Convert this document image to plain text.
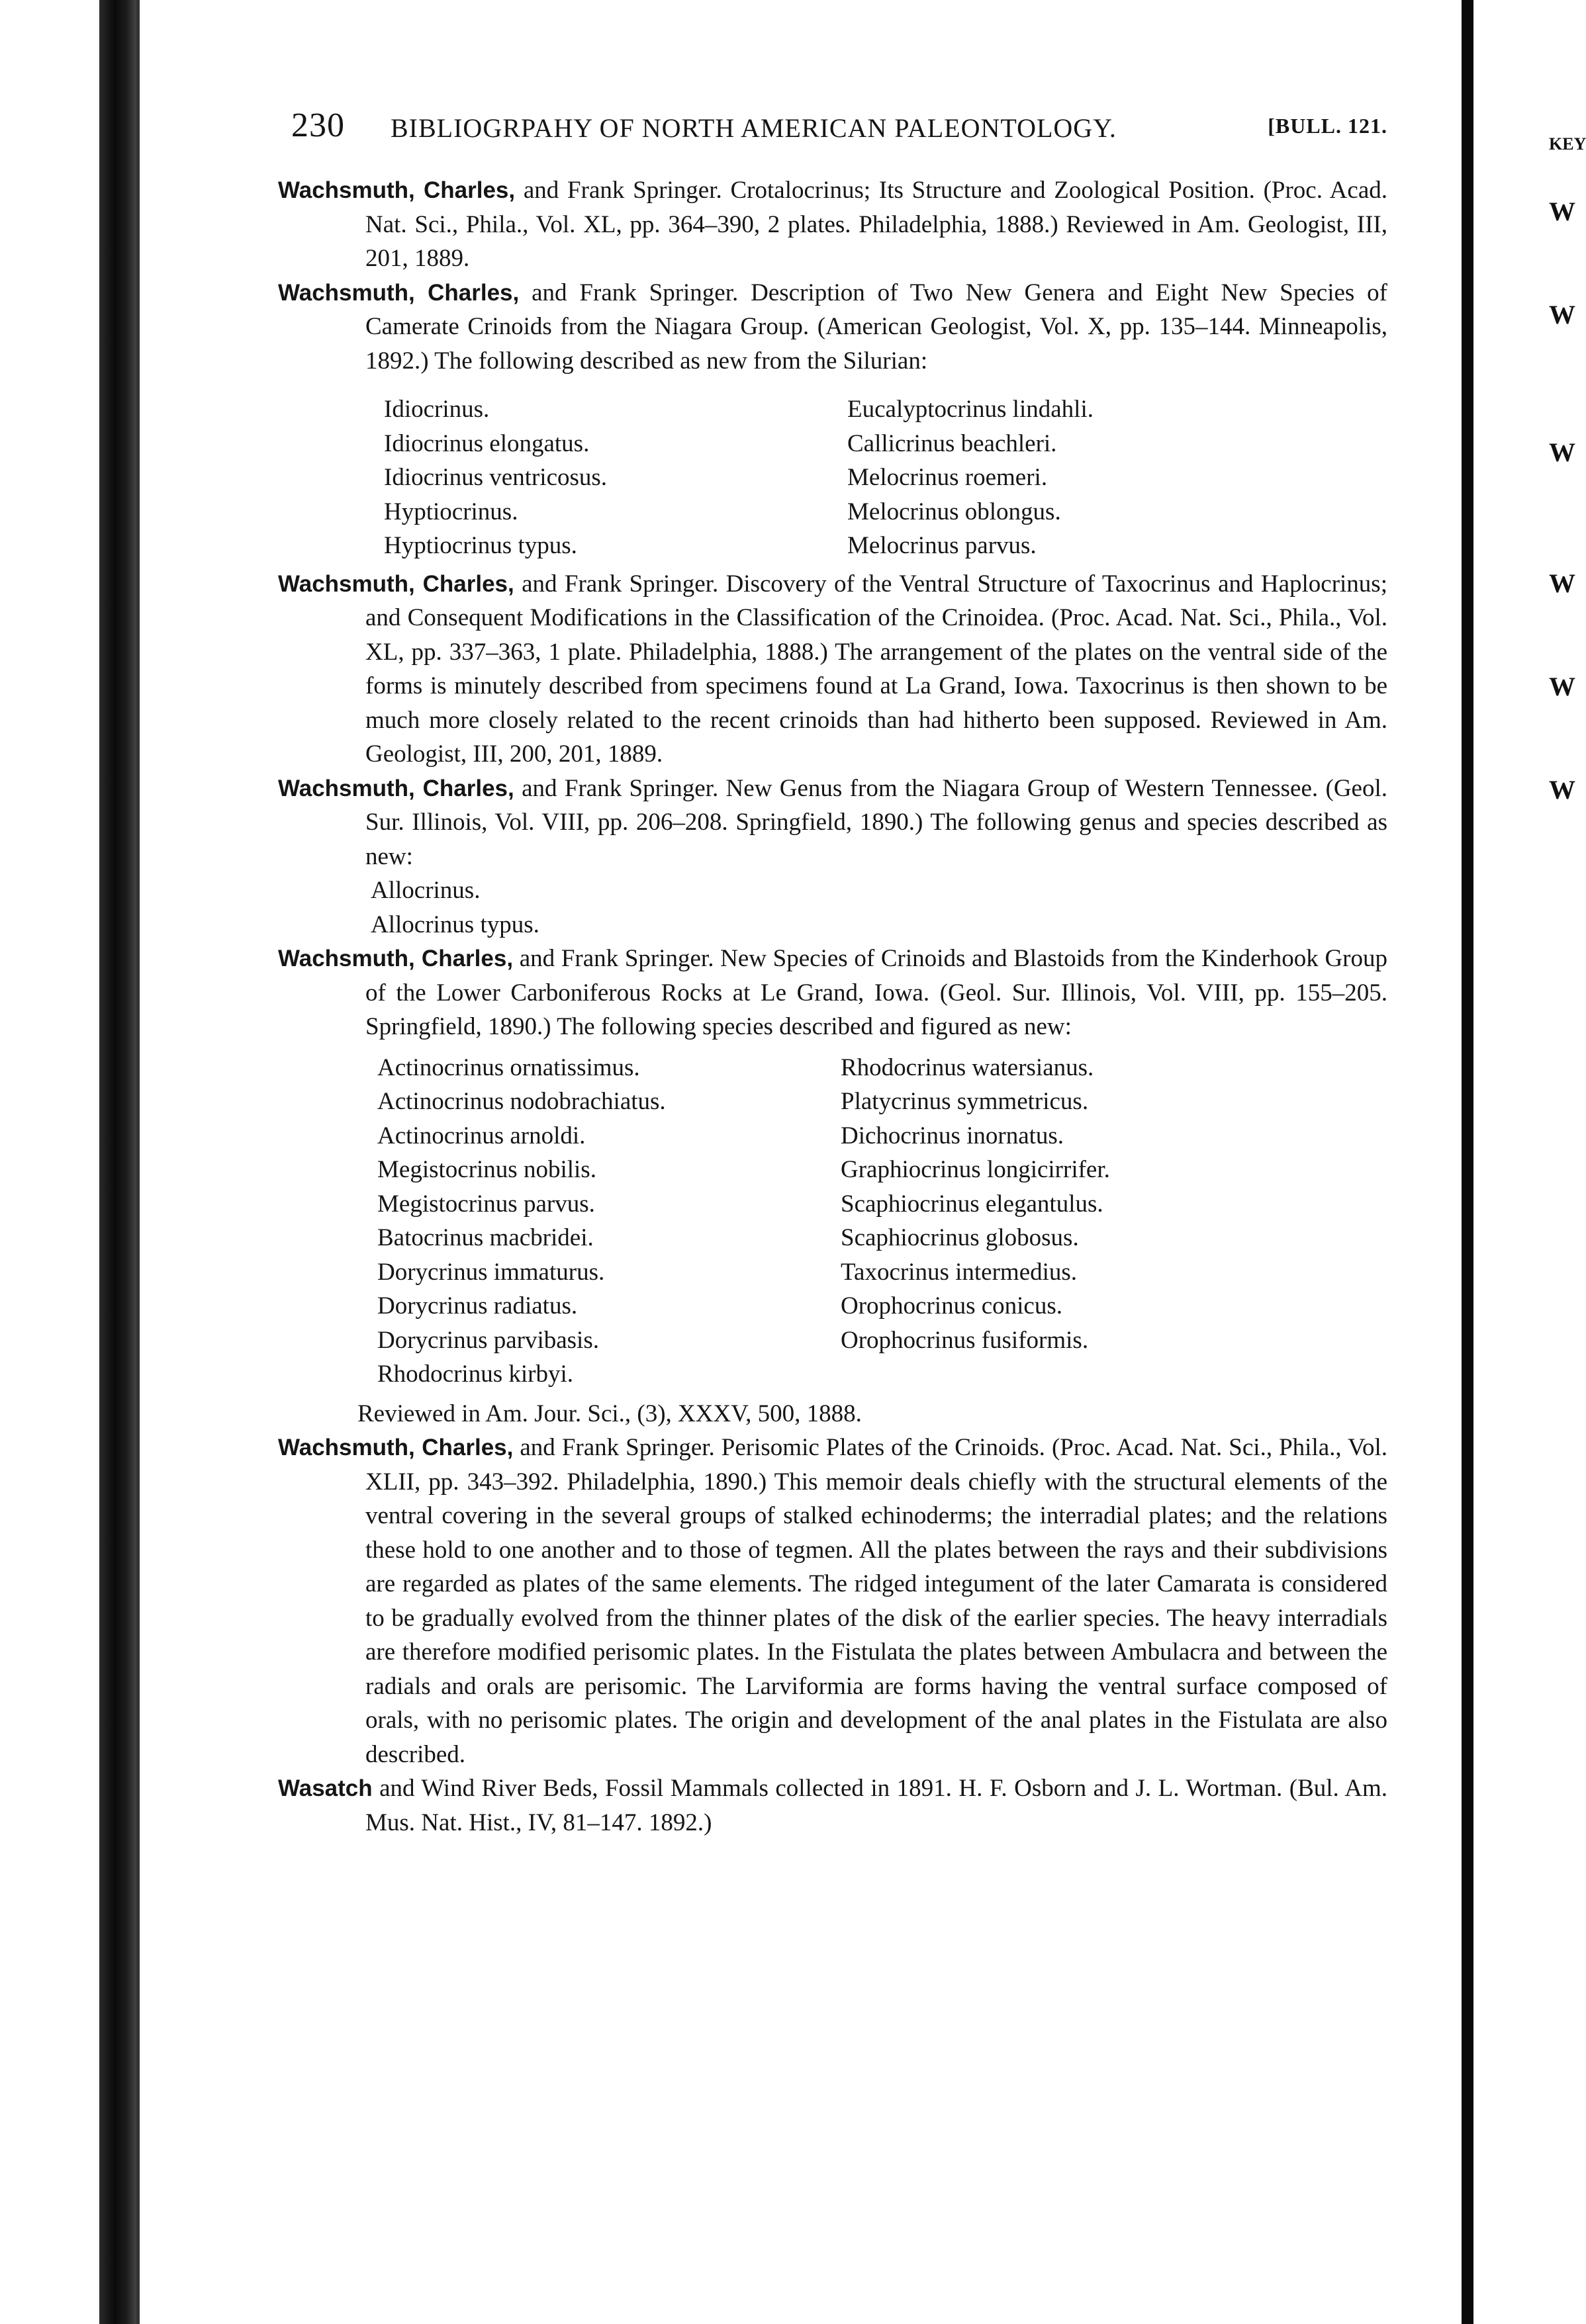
KEY
W
W
W
W
W
W
230 BIBLIOGRPAHY OF NORTH AMERICAN PALEONTOLOGY.	[BULL. 121.

Wachsmuth, Charles, and Frank Springer. Crotalocrinus; Its Structure and Zoological Position. (Proc. Acad. Nat. Sci., Phila., Vol. XL, pp. 364–390, 2 plates. Philadelphia, 1888.) Reviewed in Am. Geologist, III, 201, 1889.

Wachsmuth, Charles, and Frank Springer. Description of Two New Genera and Eight New Species of Camerate Crinoids from the Niagara Group. (American Geologist, Vol. X, pp. 135–144. Minneapolis, 1892.) The following described as new from the Silurian:

Idiocrinus.	Eucalyptocrinus lindahli.
Idiocrinus elongatus.	Callicrinus beachleri.
Idiocrinus ventricosus.	Melocrinus roemeri.
Hyptiocrinus.	Melocrinus oblongus.
Hyptiocrinus typus.	Melocrinus parvus.

Wachsmuth, Charles, and Frank Springer. Discovery of the Ventral Structure of Taxocrinus and Haplocrinus; and Consequent Modifications in the Classification of the Crinoidea. (Proc. Acad. Nat. Sci., Phila., Vol. XL, pp. 337–363, 1 plate. Philadelphia, 1888.) The arrangement of the plates on the ventral side of the forms is minutely described from specimens found at La Grand, Iowa. Taxocrinus is then shown to be much more closely related to the recent crinoids than had hitherto been supposed. Reviewed in Am. Geologist, III, 200, 201, 1889.

Wachsmuth, Charles, and Frank Springer. New Genus from the Niagara Group of Western Tennessee. (Geol. Sur. Illinois, Vol. VIII, pp. 206–208. Springfield, 1890.) The following genus and species described as new:

Allocrinus.
Allocrinus typus.

Wachsmuth, Charles, and Frank Springer. New Species of Crinoids and Blastoids from the Kinderhook Group of the Lower Carboniferous Rocks at Le Grand, Iowa. (Geol. Sur. Illinois, Vol. VIII, pp. 155–205. Springfield, 1890.) The following species described and figured as new:

Actinocrinus ornatissimus.	Rhodocrinus watersianus.
Actinocrinus nodobrachiatus.	Platycrinus symmetricus.
Actinocrinus arnoldi.	Dichocrinus inornatus.
Megistocrinus nobilis.	Graphiocrinus longicirrifer.
Megistocrinus parvus.	Scaphiocrinus elegantulus.
Batocrinus macbridei.	Scaphiocrinus globosus.
Dorycrinus immaturus.	Taxocrinus intermedius.
Dorycrinus radiatus.	Orophocrinus conicus.
Dorycrinus parvibasis.	Orophocrinus fusiformis.
Rhodocrinus kirbyi.

Reviewed in Am. Jour. Sci., (3), XXXV, 500, 1888.

Wachsmuth, Charles, and Frank Springer. Perisomic Plates of the Crinoids. (Proc. Acad. Nat. Sci., Phila., Vol. XLII, pp. 343–392. Philadelphia, 1890.) This memoir deals chiefly with the structural elements of the ventral covering in the several groups of stalked echinoderms; the interradial plates; and the relations these hold to one another and to those of tegmen. All the plates between the rays and their subdivisions are regarded as plates of the same elements. The ridged integument of the later Camarata is considered to be gradually evolved from the thinner plates of the disk of the earlier species. The heavy interradials are therefore modified perisomic plates. In the Fistulata the plates between Ambulacra and between the radials and orals are perisomic. The Larviformia are forms having the ventral surface composed of orals, with no perisomic plates. The origin and development of the anal plates in the Fistulata are also described.

Wasatch and Wind River Beds, Fossil Mammals collected in 1891. H. F. Osborn and J. L. Wortman. (Bul. Am. Mus. Nat. Hist., IV, 81–147. 1892.)
